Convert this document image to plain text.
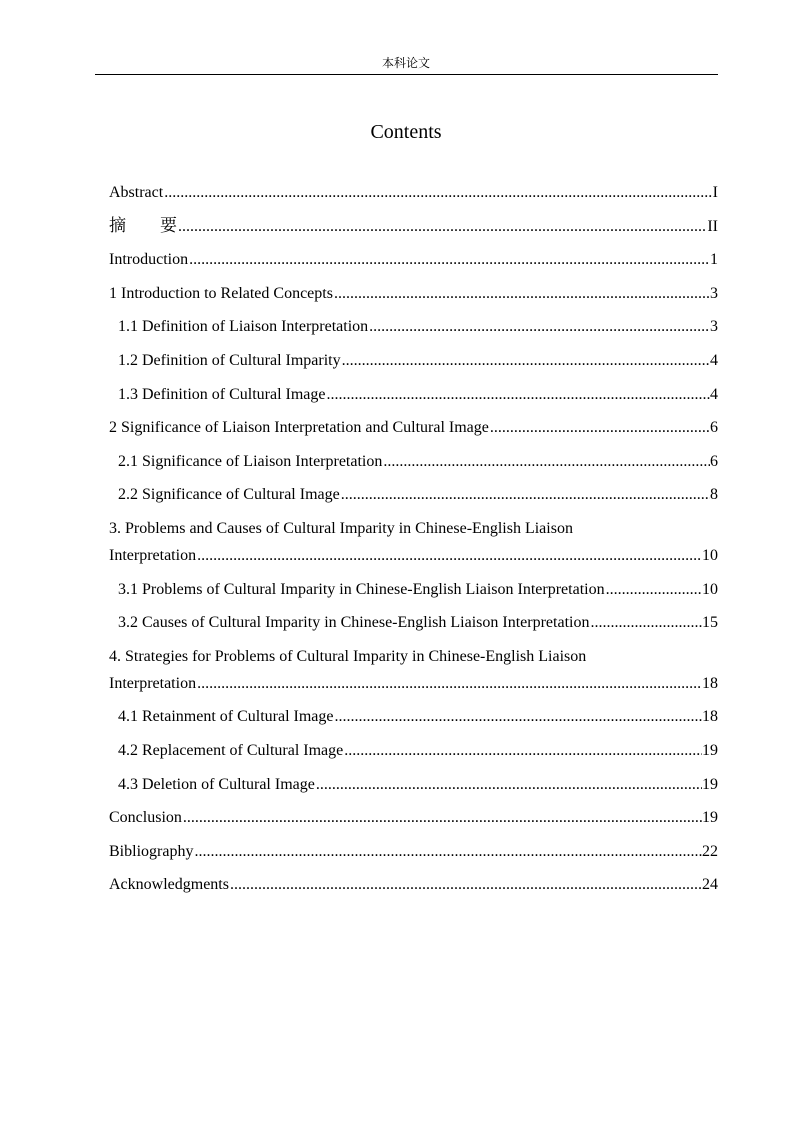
本科论文
Contents
Abstract .....	I
摘　　要 .....	II
Introduction .....	1
1 Introduction to Related Concepts .....	3
1.1 Definition of Liaison Interpretation .....	3
1.2 Definition of Cultural Imparity .....	4
1.3 Definition of Cultural Image .....	4
2 Significance of Liaison Interpretation and Cultural Image .....	6
2.1 Significance of Liaison Interpretation .....	6
2.2 Significance of Cultural Image .....	8
3. Problems and Causes of Cultural Imparity in Chinese-English Liaison
Interpretation .....	10
3.1 Problems of Cultural Imparity in Chinese-English Liaison Interpretation .....	10
3.2 Causes of Cultural Imparity in Chinese-English Liaison Interpretation .....	15
4. Strategies for Problems of Cultural Imparity in Chinese-English Liaison
Interpretation .....	18
4.1 Retainment of Cultural Image .....	18
4.2 Replacement of Cultural Image .....	19
4.3 Deletion of Cultural Image .....	19
Conclusion .....	19
Bibliography .....	22
Acknowledgments .....	24
